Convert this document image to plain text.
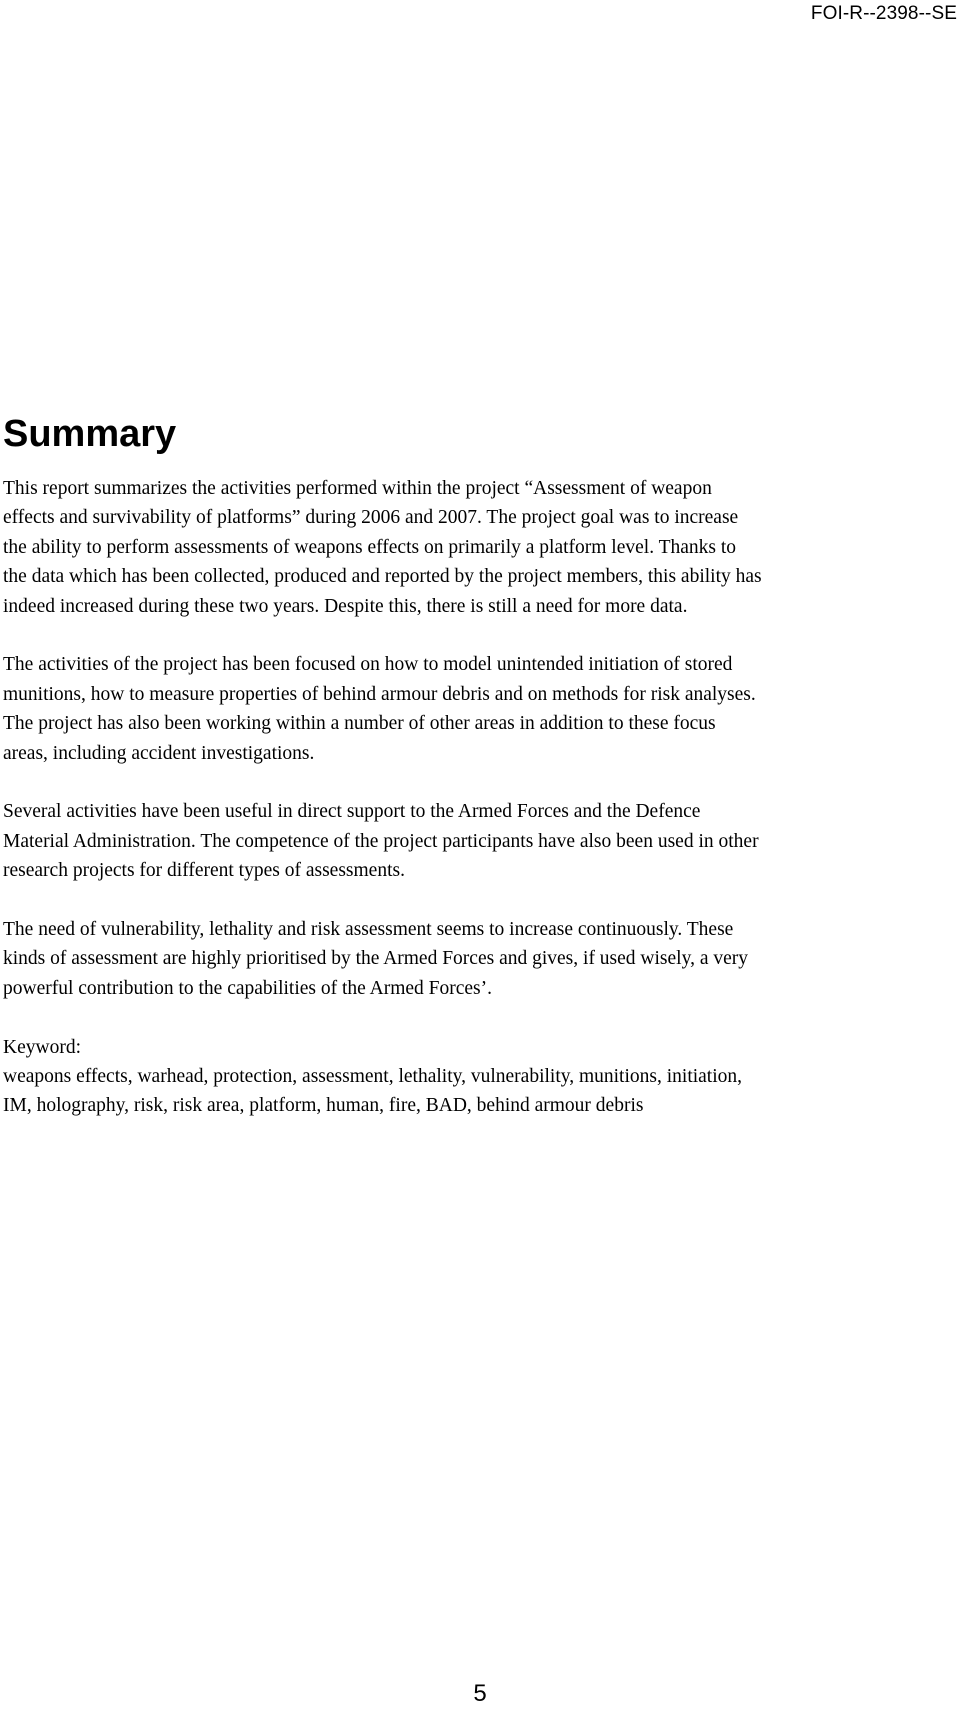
FOI-R--2398--SE
Summary

This report summarizes the activities performed within the project “Assessment of weapon effects and survivability of platforms” during 2006 and 2007. The project goal was to increase the ability to perform assessments of weapons effects on primarily a platform level. Thanks to the data which has been collected, produced and reported by the project members, this ability has indeed increased during these two years. Despite this, there is still a need for more data.

The activities of the project has been focused on how to model unintended initiation of stored munitions, how to measure properties of behind armour debris and on methods for risk analyses. The project has also been working within a number of other areas in addition to these focus areas, including accident investigations.

Several activities have been useful in direct support to the Armed Forces and the Defence Material Administration. The competence of the project participants have also been used in other research projects for different types of assessments.

The need of vulnerability, lethality and risk assessment seems to increase continuously. These kinds of assessment are highly prioritised by the Armed Forces and gives, if used wisely, a very powerful contribution to the capabilities of the Armed Forces’.

Keyword:
weapons effects, warhead, protection, assessment, lethality, vulnerability, munitions, initiation, IM, holography, risk, risk area, platform, human, fire, BAD, behind armour debris
5
